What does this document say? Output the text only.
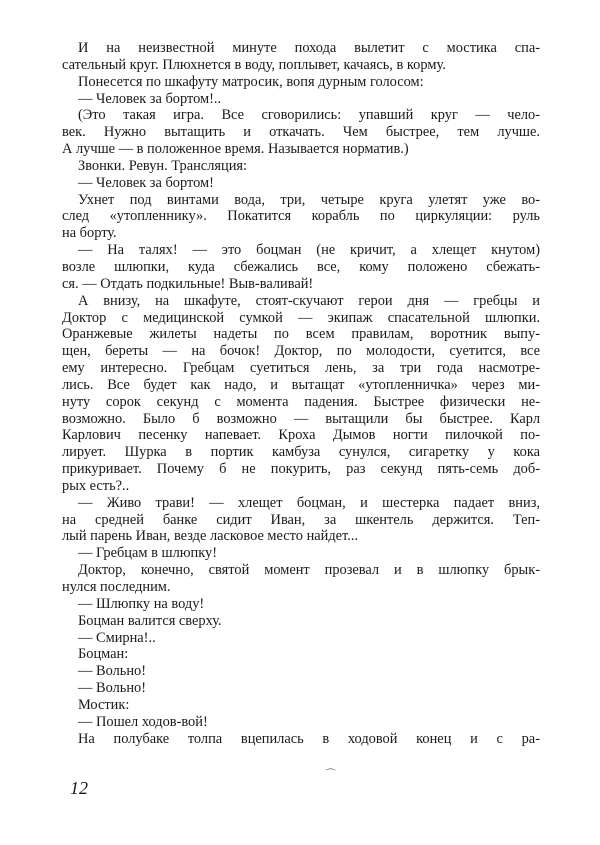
И на неизвестной минуте похода вылетит с мостика спа-
сательный круг. Плюхнется в воду, поплывет, качаясь, в корму.
Понесется по шкафуту матросик, вопя дурным голосом:
— Человек за бортом!..
(Это такая игра. Все сговорились: упавший круг — чело-
век. Нужно вытащить и откачать. Чем быстрее, тем лучше.
А лучше — в положенное время. Называется норматив.)
Звонки. Ревун. Трансляция:
— Человек за бортом!
Ухнет под винтами вода, три, четыре круга улетят уже во-
след «утопленнику». Покатится корабль по циркуляции: руль
на борту.
— На талях! — это боцман (не кричит, а хлещет кнутом)
возле шлюпки, куда сбежались все, кому положено сбежать-
ся. — Отдать подкильные! Выв-валивай!
А внизу, на шкафуте, стоят-скучают герои дня — гребцы и
Доктор с медицинской сумкой — экипаж спасательной шлюпки.
Оранжевые жилеты надеты по всем правилам, воротник выпу-
щен, береты — на бочок! Доктор, по молодости, суетится, все
ему интересно. Гребцам суетиться лень, за три года насмотре-
лись. Все будет как надо, и вытащат «утопленничка» через ми-
нуту сорок секунд с момента падения. Быстрее физически не-
возможно. Было б возможно — вытащили бы быстрее. Карл
Карлович песенку напевает. Кроха Дымов ногти пилочкой по-
лирует. Шурка в портик камбуза сунулся, сигаретку у кока
прикуривает. Почему б не покурить, раз секунд пять-семь доб-
рых есть?..
— Живо трави! — хлещет боцман, и шестерка падает вниз,
на средней банке сидит Иван, за шкентель держится. Теп-
лый парень Иван, везде ласковое место найдет...
— Гребцам в шлюпку!
Доктор, конечно, святой момент прозевал и в шлюпку брык-
нулся последним.
— Шлюпку на воду!
Боцман валится сверху.
— Смирна!..
Боцман:
— Вольно!
— Вольно!
Мостик:
— Пошел ходов-вой!
На полубаке толпа вцепилась в ходовой конец и с ра-
⌒
12
